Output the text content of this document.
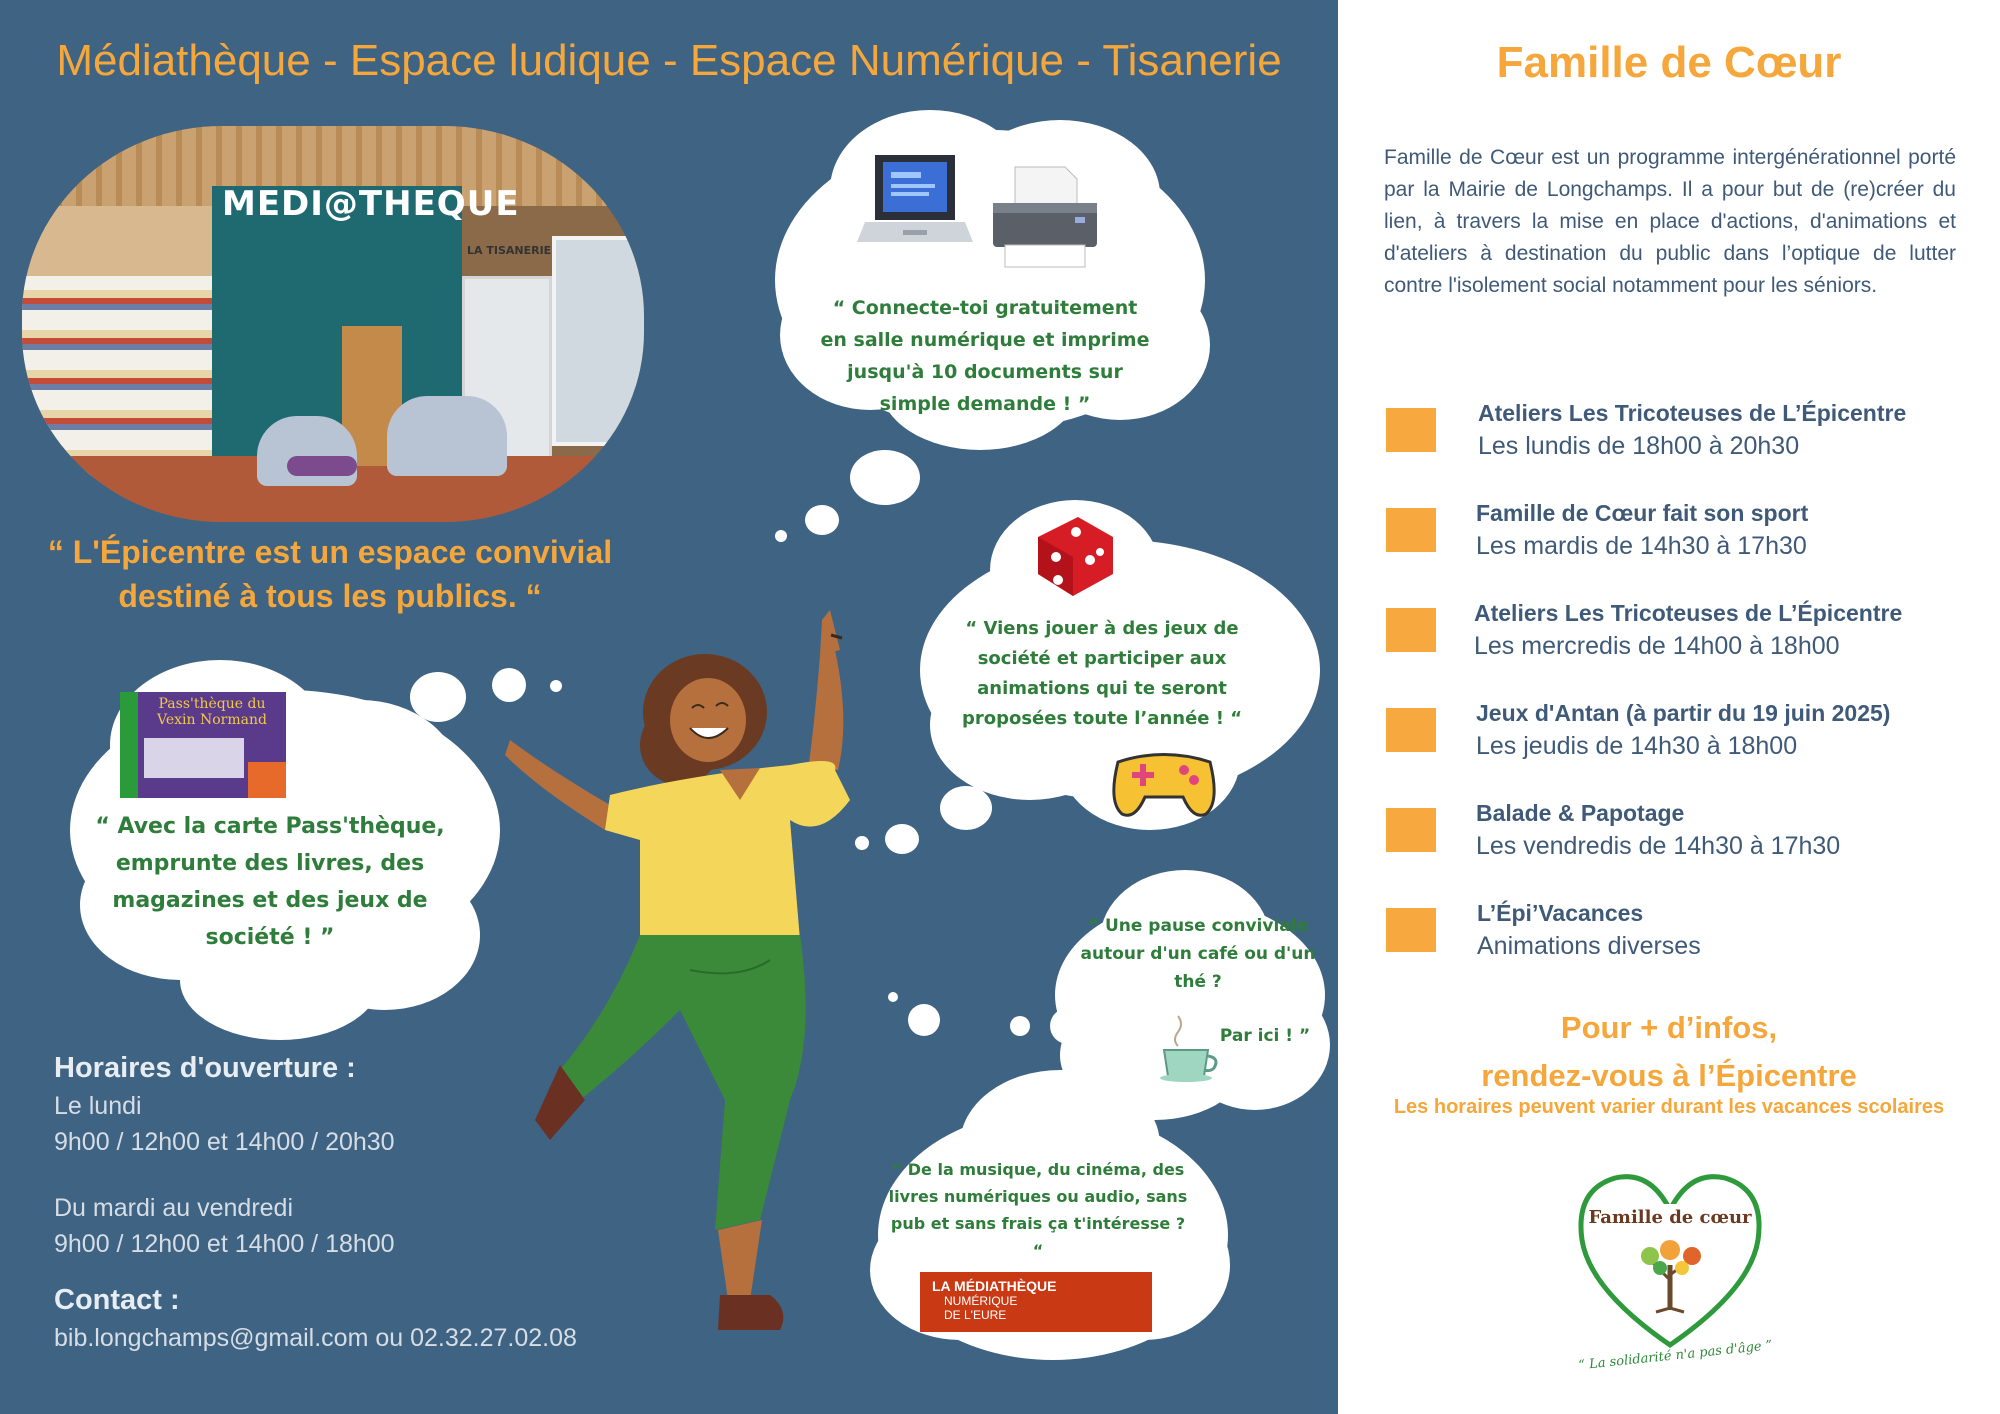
Médiathèque - Espace ludique - Espace Numérique - Tisanerie
MEDI@THEQUE
LA TISANERIE
“ L'Épicentre est un espace convivial destiné à tous les publics. “
“ Connecte-toi gratuitement en salle numérique et imprime jusqu'à 10 documents sur simple demande ! ”
“ Viens jouer à des jeux de société et participer aux animations qui te seront proposées toute l’année ! “
Pass'thèque du Vexin Normand
“ Avec la carte Pass'thèque, emprunte des livres, des magazines et des jeux de société ! ”	“ Une pause conviviale autour d'un café ou d'un thé ?
Par ici ! ”
“ De la musique, du cinéma, des livres numériques ou audio, sans pub et sans frais ça t'intéresse ? “
LA MÉDIATHÈQUE
NUMÉRIQUE
DE L'EURE
Horaires d'ouverture :
Le lundi
9h00 / 12h00 et 14h00 / 20h30
Du mardi au vendredi
9h00 / 12h00 et 14h00 / 18h00
Contact :
bib.longchamps@gmail.com ou 02.32.27.02.08
Famille de Cœur
Famille de Cœur est un programme intergénérationnel porté par la Mairie de Longchamps. Il a pour but de (re)créer du lien, à travers la mise en place d'actions, d'animations et d'ateliers à destination du public dans l’optique de lutter contre l'isolement social notamment pour les séniors.
Ateliers Les Tricoteuses de L’Épicentre
Les lundis de 18h00 à 20h30
Famille de Cœur fait son sport
Les mardis de 14h30 à 17h30
Ateliers Les Tricoteuses de L’Épicentre
Les mercredis de 14h00 à 18h00
Jeux d'Antan (à partir du 19 juin 2025)
Les jeudis de 14h30 à 18h00
Balade & Papotage
Les vendredis de 14h30 à 17h30
L’Épi’Vacances
Animations diverses
Pour + d’infos,
rendez-vous à l’Épicentre
Les horaires peuvent varier durant les vacances scolaires
Famille de cœur
“ La solidarité n'a pas d'âge ”
